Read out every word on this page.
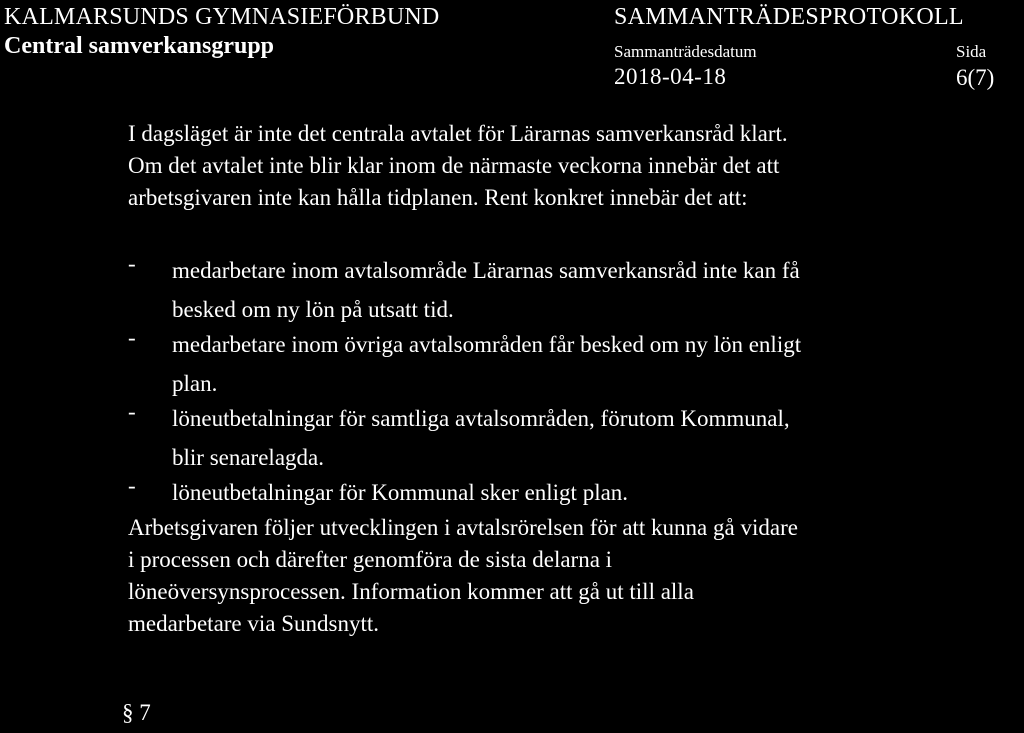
KALMARSUNDS GYMNASIEFÖRBUND
Central samverkansgrupp
SAMMANTRÄDESPROTOKOLL
Sammanträdesdatum	Sida
2018-04-18	6(7)
I dagsläget är inte det centrala avtalet för Lärarnas samverkansråd klart.
Om det avtalet inte blir klar inom de närmaste veckorna innebär det att
arbetsgivaren inte kan hålla tidplanen. Rent konkret innebär det att:
- medarbetare inom avtalsområde Lärarnas samverkansråd inte kan få
besked om ny lön på utsatt tid.
- medarbetare inom övriga avtalsområden får besked om ny lön enligt
plan.
- löneutbetalningar för samtliga avtalsområden, förutom Kommunal,
blir senarelagda.
- löneutbetalningar för Kommunal sker enligt plan.
Arbetsgivaren följer utvecklingen i avtalsrörelsen för att kunna gå vidare
i processen och därefter genomföra de sista delarna i
löneöversynsprocessen. Information kommer att gå ut till alla
medarbetare via Sundsnytt.
§ 7
